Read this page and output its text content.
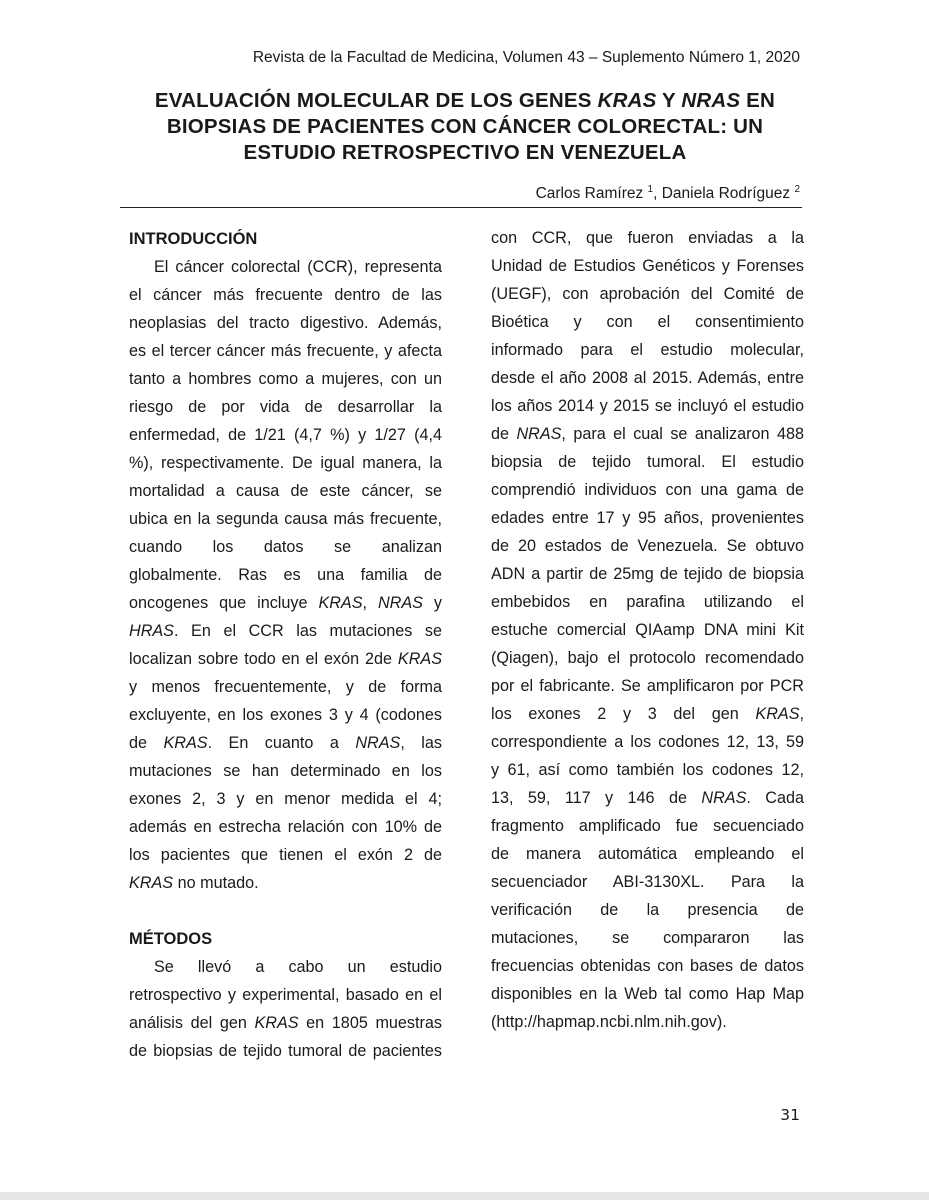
Revista de la Facultad de Medicina, Volumen 43 – Suplemento Número 1, 2020
EVALUACIÓN MOLECULAR DE LOS GENES KRAS Y NRAS EN
BIOPSIAS DE PACIENTES CON CÁNCER COLORECTAL: UN
ESTUDIO RETROSPECTIVO EN VENEZUELA
Carlos Ramírez $^1$, Daniela Rodríguez $^2$
INTRODUCCIÓN
El cáncer colorectal (CCR), representa
el cáncer más frecuente dentro de las
neoplasias del tracto digestivo. Además,
es el tercer cáncer más frecuente, y afecta
tanto a hombres como a mujeres, con un
riesgo de por vida de desarrollar la
enfermedad, de 1/21 (4,7 %) y 1/27 (4,4
%), respectivamente. De igual manera, la
mortalidad a causa de este cáncer, se
ubica en la segunda causa más frecuente,
cuando los datos se analizan
globalmente. Ras es una familia de
oncogenes que incluye KRAS, NRAS y
HRAS. En el CCR las mutaciones se
localizan sobre todo en el exón 2de KRAS
y menos frecuentemente, y de forma
excluyente, en los exones 3 y 4 (codones
de KRAS. En cuanto a NRAS, las
mutaciones se han determinado en los
exones 2, 3 y en menor medida el 4;
además en estrecha relación con 10% de
los pacientes que tienen el exón 2 de
KRAS no mutado.
MÉTODOS
Se llevó a cabo un estudio
retrospectivo y experimental, basado en el
análisis del gen KRAS en 1805 muestras
de biopsias de tejido tumoral de pacientes
con CCR, que fueron enviadas a la
Unidad de Estudios Genéticos y Forenses
(UEGF), con aprobación del Comité de
Bioética y con el consentimiento
informado para el estudio molecular,
desde el año 2008 al 2015. Además, entre
los años 2014 y 2015 se incluyó el estudio
de NRAS, para el cual se analizaron 488
biopsia de tejido tumoral. El estudio
comprendió individuos con una gama de
edades entre 17 y 95 años, provenientes
de 20 estados de Venezuela. Se obtuvo
ADN a partir de 25mg de tejido de biopsia
embebidos en parafina utilizando el
estuche comercial QIAamp DNA mini Kit
(Qiagen), bajo el protocolo recomendado
por el fabricante. Se amplificaron por PCR
los exones 2 y 3 del gen KRAS,
correspondiente a los codones 12, 13, 59
y 61, así como también los codones 12,
13, 59, 117 y 146 de NRAS. Cada
fragmento amplificado fue secuenciado
de manera automática empleando el
secuenciador ABI-3130XL. Para la
verificación de la presencia de
mutaciones, se compararon las
frecuencias obtenidas con bases de datos
disponibles en la Web tal como Hap Map
(http://hapmap.ncbi.nlm.nih.gov).
31
